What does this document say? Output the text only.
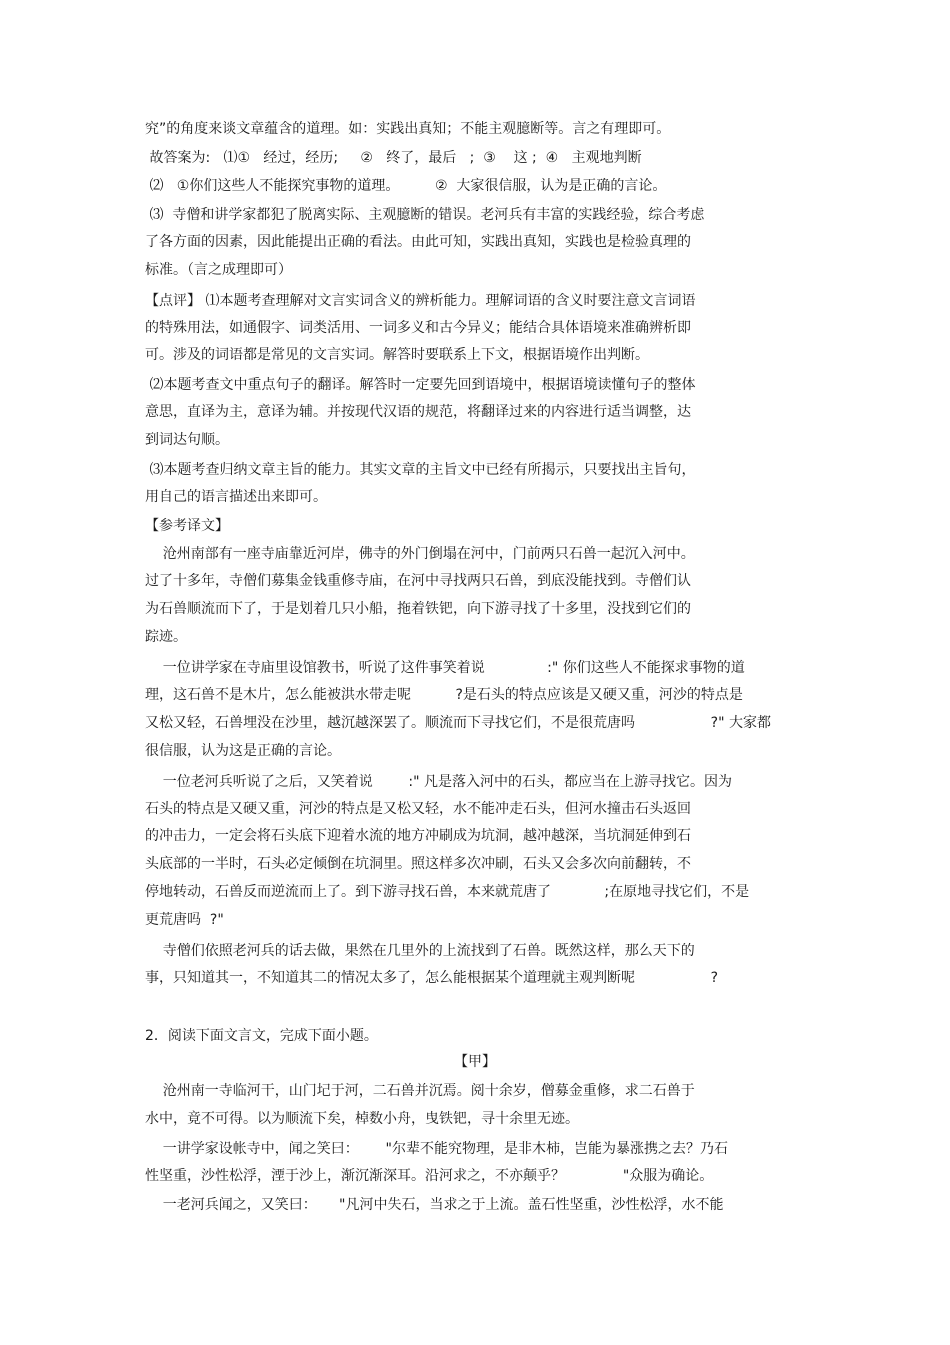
究”的角度来谈文章蕴含的道理。如：实践出真知；不能主观臆断等。言之有理即可。
故答案为:   ⑴①   经过，经历;     ②   终了，最后   ;  ③    这 ;  ④   主观地判断
⑵   ①你们这些人不能探究事物的道理。        ②  大家很信服，认为是正确的言论。
⑶  寺僧和讲学家都犯了脱离实际、主观臆断的错误。老河兵有丰富的实践经验，综合考虑
了各方面的因素，因此能提出正确的看法。由此可知，实践出真知，实践也是检验真理的
标准。（言之成理即可）
【点评】 ⑴本题考查理解对文言实词含义的辨析能力。理解词语的含义时要注意文言词语
的特殊用法，如通假字、词类活用、一词多义和古今异义；能结合具体语境来准确辨析即
可。涉及的词语都是常见的文言实词。解答时要联系上下文，根据语境作出判断。
⑵本题考查文中重点句子的翻译。解答时一定要先回到语境中，根据语境读懂句子的整体
意思，直译为主，意译为辅。并按现代汉语的规范，将翻译过来的内容进行适当调整，达
到词达句顺。
⑶本题考查归纳文章主旨的能力。其实文章的主旨文中已经有所揭示，只要找出主旨句，
用自己的语言描述出来即可。
【参考译文】
沧州南部有一座寺庙靠近河岸，佛寺的外门倒塌在河中，门前两只石兽一起沉入河中。
过了十多年，寺僧们募集金钱重修寺庙，在河中寻找两只石兽，到底没能找到。寺僧们认
为石兽顺流而下了，于是划着几只小船，拖着铁钯，向下游寻找了十多里，没找到它们的
踪迹。
一位讲学家在寺庙里设馆教书，听说了这件事笑着说              :" 你们这些人不能探求事物的道
理，这石兽不是木片，怎么能被洪水带走呢          ?是石头的特点应该是又硬又重，河沙的特点是
又松又轻，石兽埋没在沙里，越沉越深罢了。顺流而下寻找它们，不是很荒唐吗                 ?" 大家都
很信服，认为这是正确的言论。
一位老河兵听说了之后，又笑着说        :" 凡是落入河中的石头，都应当在上游寻找它。因为
石头的特点是又硬又重，河沙的特点是又松又轻，水不能冲走石头，但河水撞击石头返回
的冲击力，一定会将石头底下迎着水流的地方冲刷成为坑洞，越冲越深，当坑洞延伸到石
头底部的一半时，石头必定倾倒在坑洞里。照这样多次冲刷，石头又会多次向前翻转，不
停地转动，石兽反而逆流而上了。到下游寻找石兽，本来就荒唐了            ;在原地寻找它们，不是
更荒唐吗  ?"
寺僧们依照老河兵的话去做，果然在几里外的上流找到了石兽。既然这样，那么天下的
事，只知道其一，不知道其二的情况太多了，怎么能根据某个道理就主观判断呢                 ?
2．阅读下面文言文，完成下面小题。
【甲】
沧州南一寺临河干，山门圮于河，二石兽并沉焉。阅十余岁，僧募金重修，求二石兽于
水中，竟不可得。以为顺流下矣，棹数小舟，曳铁钯，寻十余里无迹。
一讲学家设帐寺中，闻之笑曰：      "尔辈不能究物理，是非木柿，岂能为暴涨携之去？乃石
性坚重，沙性松浮，湮于沙上，渐沉渐深耳。沿河求之，不亦颠乎？             "众服为确论。
一老河兵闻之，又笑曰：     "凡河中失石，当求之于上流。盖石性坚重，沙性松浮，水不能
